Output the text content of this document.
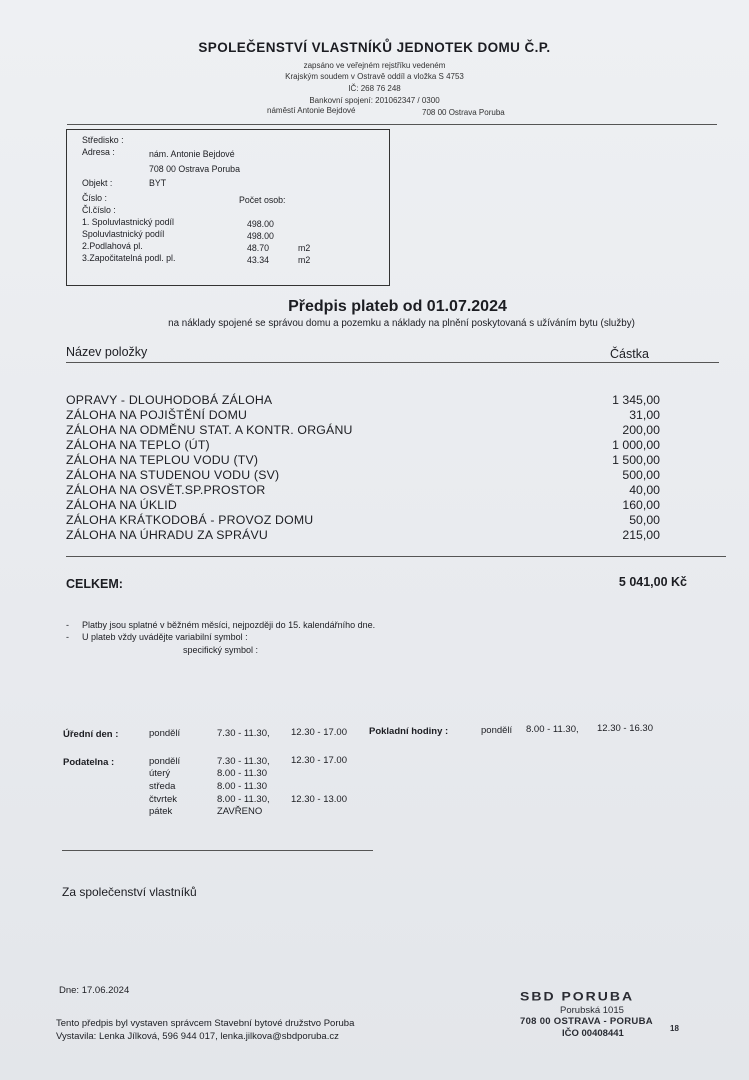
SPOLEČENSTVÍ VLASTNÍKŮ JEDNOTEK DOMU Č.P.
zapsáno ve veřejném rejstříku vedeném
Krajským soudem v Ostravě oddíl a vložka S 4753
IČ: 268 76 248
Bankovní spojení: 201062347 / 0300
náměstí Antonie Bejdové	708 00 Ostrava Poruba
Středisko :
Adresa :	nám. Antonie Bejdové
708 00 Ostrava Poruba
Objekt :	BYT
Číslo :	Počet osob:
Čl.číslo :
1. Spoluvlastnický podíl	498.00
Spoluvlastnický podíl	498.00
2.Podlahová pl.	48.70	m2
3.Započitatelná podl. pl.	43.34	m2
Předpis plateb od 01.07.2024
na náklady spojené se správou domu a pozemku a náklady na plnění poskytovaná s užíváním bytu (služby)
Název položky	Částka
OPRAVY - DLOUHODOBÁ ZÁLOHA	1 345,00
ZÁLOHA NA POJIŠTĚNÍ DOMU	31,00
ZÁLOHA NA ODMĚNU STAT. A KONTR. ORGÁNU	200,00
ZÁLOHA NA TEPLO (ÚT)	1 000,00
ZÁLOHA NA TEPLOU VODU (TV)	1 500,00
ZÁLOHA NA STUDENOU VODU (SV)	500,00
ZÁLOHA NA OSVĚT.SP.PROSTOR	40,00
ZÁLOHA NA ÚKLID	160,00
ZÁLOHA KRÁTKODOBÁ - PROVOZ DOMU	50,00
ZÁLOHA NA ÚHRADU ZA SPRÁVU	215,00
CELKEM:	5 041,00 Kč
- Platby jsou splatné v běžném měsíci, nejpozději do 15. kalendářního dne.
- U plateb vždy uvádějte variabilní symbol :
specifický symbol :
Úřední den :	pondělí	7.30 - 11.30, 12.30 - 17.00 Pokladní hodiny :	pondělí 8.00 - 11.30, 12.30 - 16.30
Podatelna :	pondělí	7.30 - 11.30, 12.30 - 17.00
úterý	8.00 - 11.30
středa	8.00 - 11.30
čtvrtek	8.00 - 11.30, 12.30 - 13.00
pátek	ZAVŘENO
Za společenství vlastníků
Dne: 17.06.2024
Tento předpis byl vystaven správcem Stavební bytové družstvo Poruba
Vystavila: Lenka Jílková, 596 944 017, lenka.jilkova@sbdporuba.cz
SBD PORUBA
Porubská 1015
708 00 OSTRAVA - PORUBA
IČO 00408441	18
